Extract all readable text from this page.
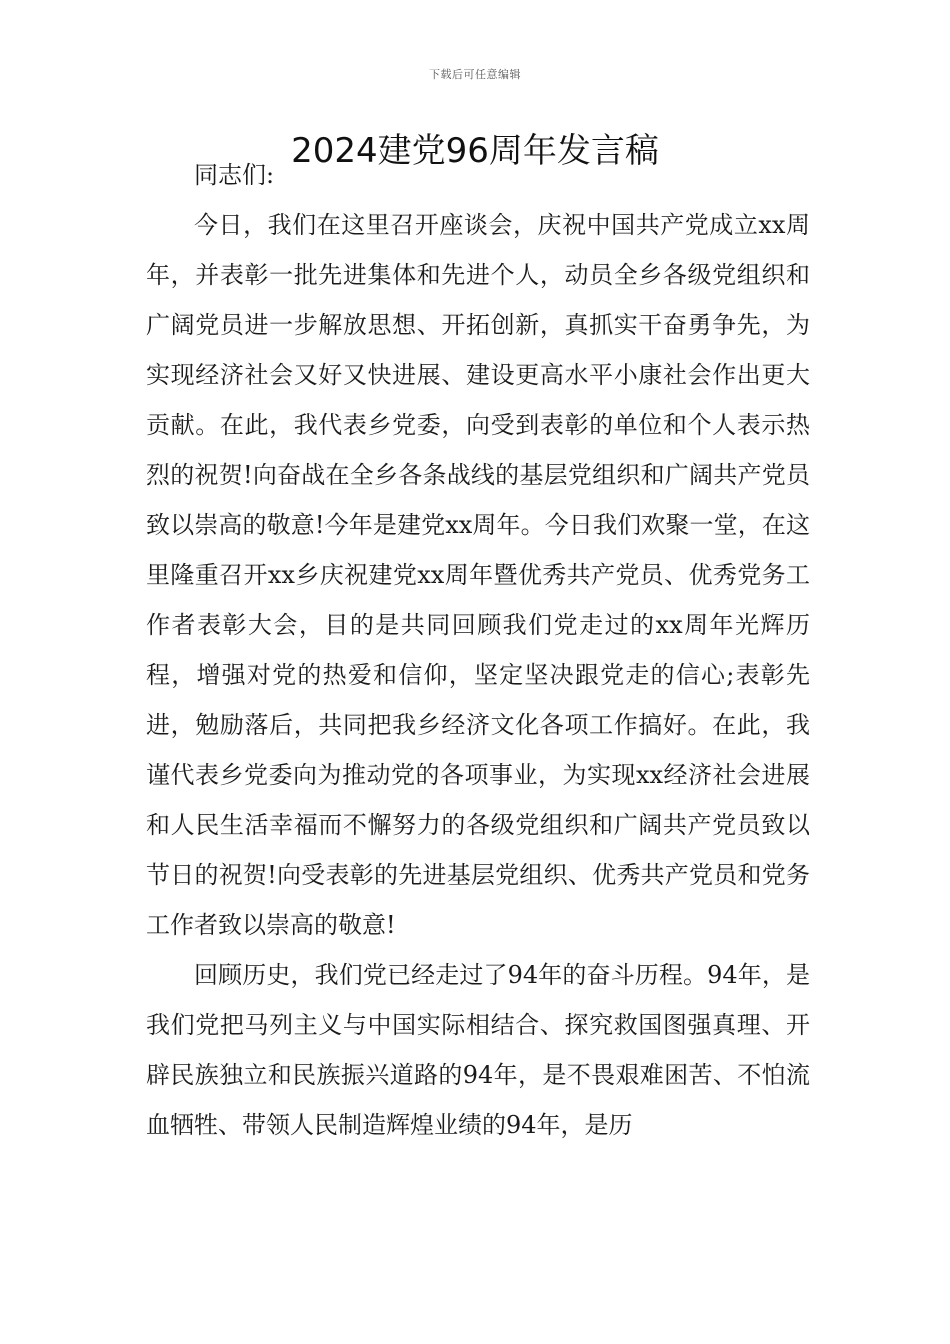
下载后可任意编辑
2024建党96周年发言稿

同志们:

今日，我们在这里召开座谈会，庆祝中国共产党成立xx周年，并表彰一批先进集体和先进个人，动员全乡各级党组织和广阔党员进一步解放思想、开拓创新，真抓实干奋勇争先，为实现经济社会又好又快进展、建设更高水平小康社会作出更大贡献。在此，我代表乡党委，向受到表彰的单位和个人表示热烈的祝贺!向奋战在全乡各条战线的基层党组织和广阔共产党员致以崇高的敬意!今年是建党xx周年。今日我们欢聚一堂，在这里隆重召开xx乡庆祝建党xx周年暨优秀共产党员、优秀党务工作者表彰大会，目的是共同回顾我们党走过的xx周年光辉历程，增强对党的热爱和信仰，坚定坚决跟党走的信心;表彰先进，勉励落后，共同把我乡经济文化各项工作搞好。在此，我谨代表乡党委向为推动党的各项事业，为实现xx经济社会进展和人民生活幸福而不懈努力的各级党组织和广阔共产党员致以节日的祝贺!向受表彰的先进基层党组织、优秀共产党员和党务工作者致以崇高的敬意!

回顾历史，我们党已经走过了94年的奋斗历程。94年，是我们党把马列主义与中国实际相结合、探究救国图强真理、开辟民族独立和民族振兴道路的94年，是不畏艰难困苦、不怕流血牺牲、带领人民制造辉煌业绩的94年，是历
